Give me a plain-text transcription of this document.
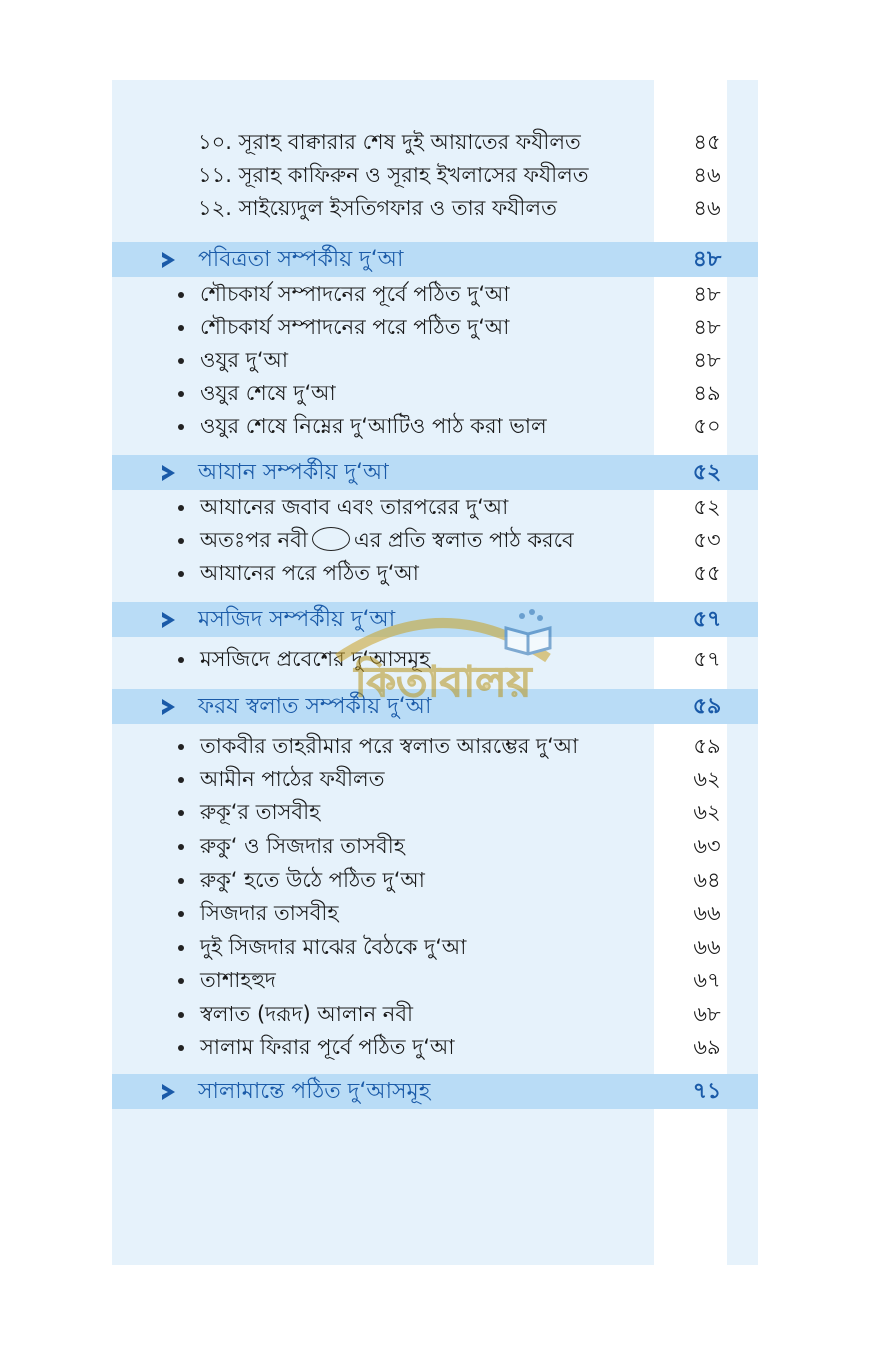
১০. সূরাহ বাক্বারার শেষ দুই আয়াতের ফযীলত	৪৫
১১. সূরাহ কাফিরুন ও সূরাহ ইখলাসের ফযীলত	৪৬
১২. সাইয়্যেদুল ইসতিগফার ও তার ফযীলত	৪৬
পবিত্রতা সম্পর্কীয় দু‘আ	৪৮
শৌচকার্য সম্পাদনের পূর্বে পঠিত দু‘আ	৪৮
শৌচকার্য সম্পাদনের পরে পঠিত দু‘আ	৪৮
ওযুর দু‘আ	৪৮
ওযুর শেষে দু‘আ	৪৯
ওযুর শেষে নিম্নের দু‘আটিও পাঠ করা ভাল	৫০
আযান সম্পর্কীয় দু‘আ	৫২
আযানের জবাব এবং তারপরের দু‘আ	৫২
অতঃপর নবী এর প্রতি স্বলাত পাঠ করবে	৫৩
আযানের পরে পঠিত দু‘আ	৫৫
মসজিদ সম্পর্কীয় দু‘আ	৫৭
মসজিদে প্রবেশের দু‘আসমূহ	৫৭
ফরয স্বলাত সম্পর্কীয় দু‘আ	৫৯
তাকবীর তাহরীমার পরে স্বলাত আরম্ভের দু‘আ	৫৯
আমীন পাঠের ফযীলত	৬২
রুকূ‘র তাসবীহ	৬২
রুকু‘ ও সিজদার তাসবীহ	৬৩
রুকু‘ হতে উঠে পঠিত দু‘আ	৬৪
সিজদার তাসবীহ	৬৬
দুই সিজদার মাঝের বৈঠকে দু‘আ	৬৬
তাশাহহুদ	৬৭
স্বলাত (দরূদ) আলান নবী	৬৮
সালাম ফিরার পূর্বে পঠিত দু‘আ	৬৯
সালামান্তে পঠিত দু‘আসমূহ	৭১
কিতাবালয়
